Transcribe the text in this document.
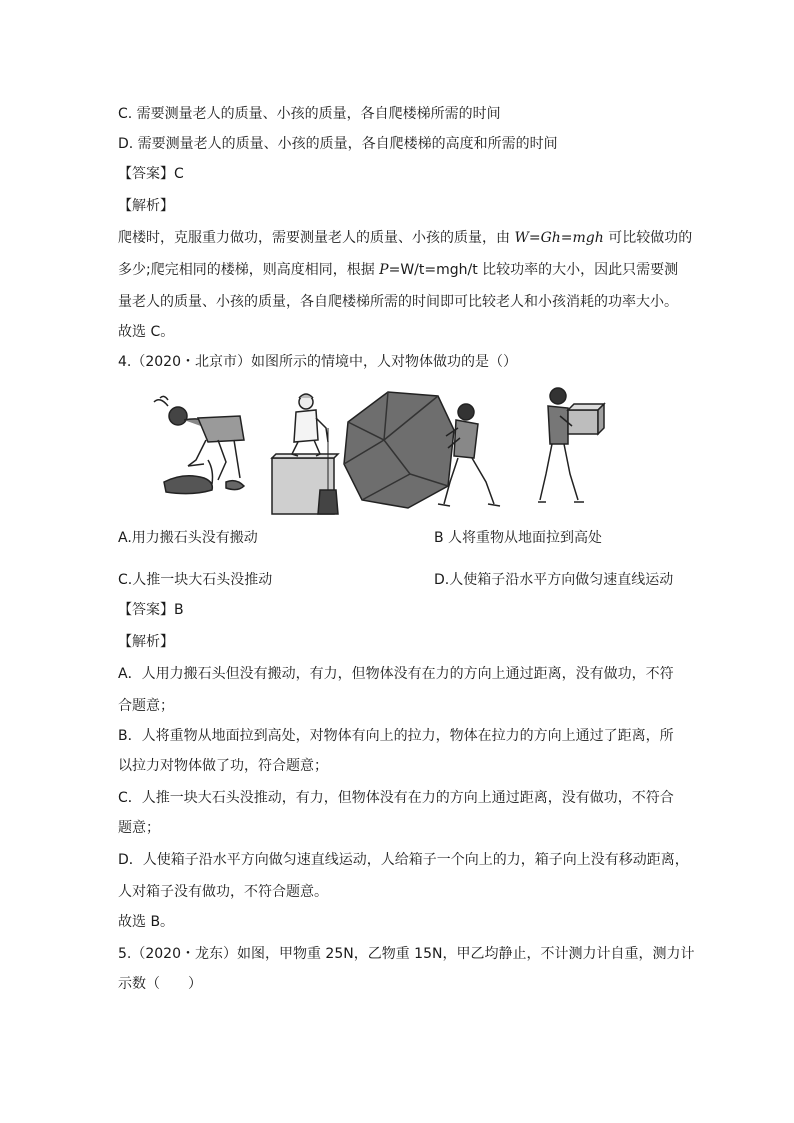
C. 需要测量老人的质量、小孩的质量，各自爬楼梯所需的时间
D. 需要测量老人的质量、小孩的质量，各自爬楼梯的高度和所需的时间
【答案】C
【解析】
爬楼时，克服重力做功，需要测量老人的质量、小孩的质量，由 W=Gh=mgh 可比较做功的
多少;爬完相同的楼梯，则高度相同，根据 P=W/t=mgh/t 比较功率的大小，因此只需要测
量老人的质量、小孩的质量，各自爬楼梯所需的时间即可比较老人和小孩消耗的功率大小。
故选 C。
4.（2020・北京市）如图所示的情境中，人对物体做功的是（）
A.用力搬石头没有搬动	B 人将重物从地面拉到高处
C.人推一块大石头没推动	D.人使箱子沿水平方向做匀速直线运动
【答案】B
【解析】
A．人用力搬石头但没有搬动，有力，但物体没有在力的方向上通过距离，没有做功，不符
合题意；
B．人将重物从地面拉到高处，对物体有向上的拉力，物体在拉力的方向上通过了距离，所
以拉力对物体做了功，符合题意；
C．人推一块大石头没推动，有力，但物体没有在力的方向上通过距离，没有做功，不符合
题意；
D．人使箱子沿水平方向做匀速直线运动，人给箱子一个向上的力，箱子向上没有移动距离，
人对箱子没有做功，不符合题意。
故选 B。
5.（2020・龙东）如图，甲物重 25N，乙物重 15N，甲乙均静止，不计测力计自重，测力计
示数（　　）
